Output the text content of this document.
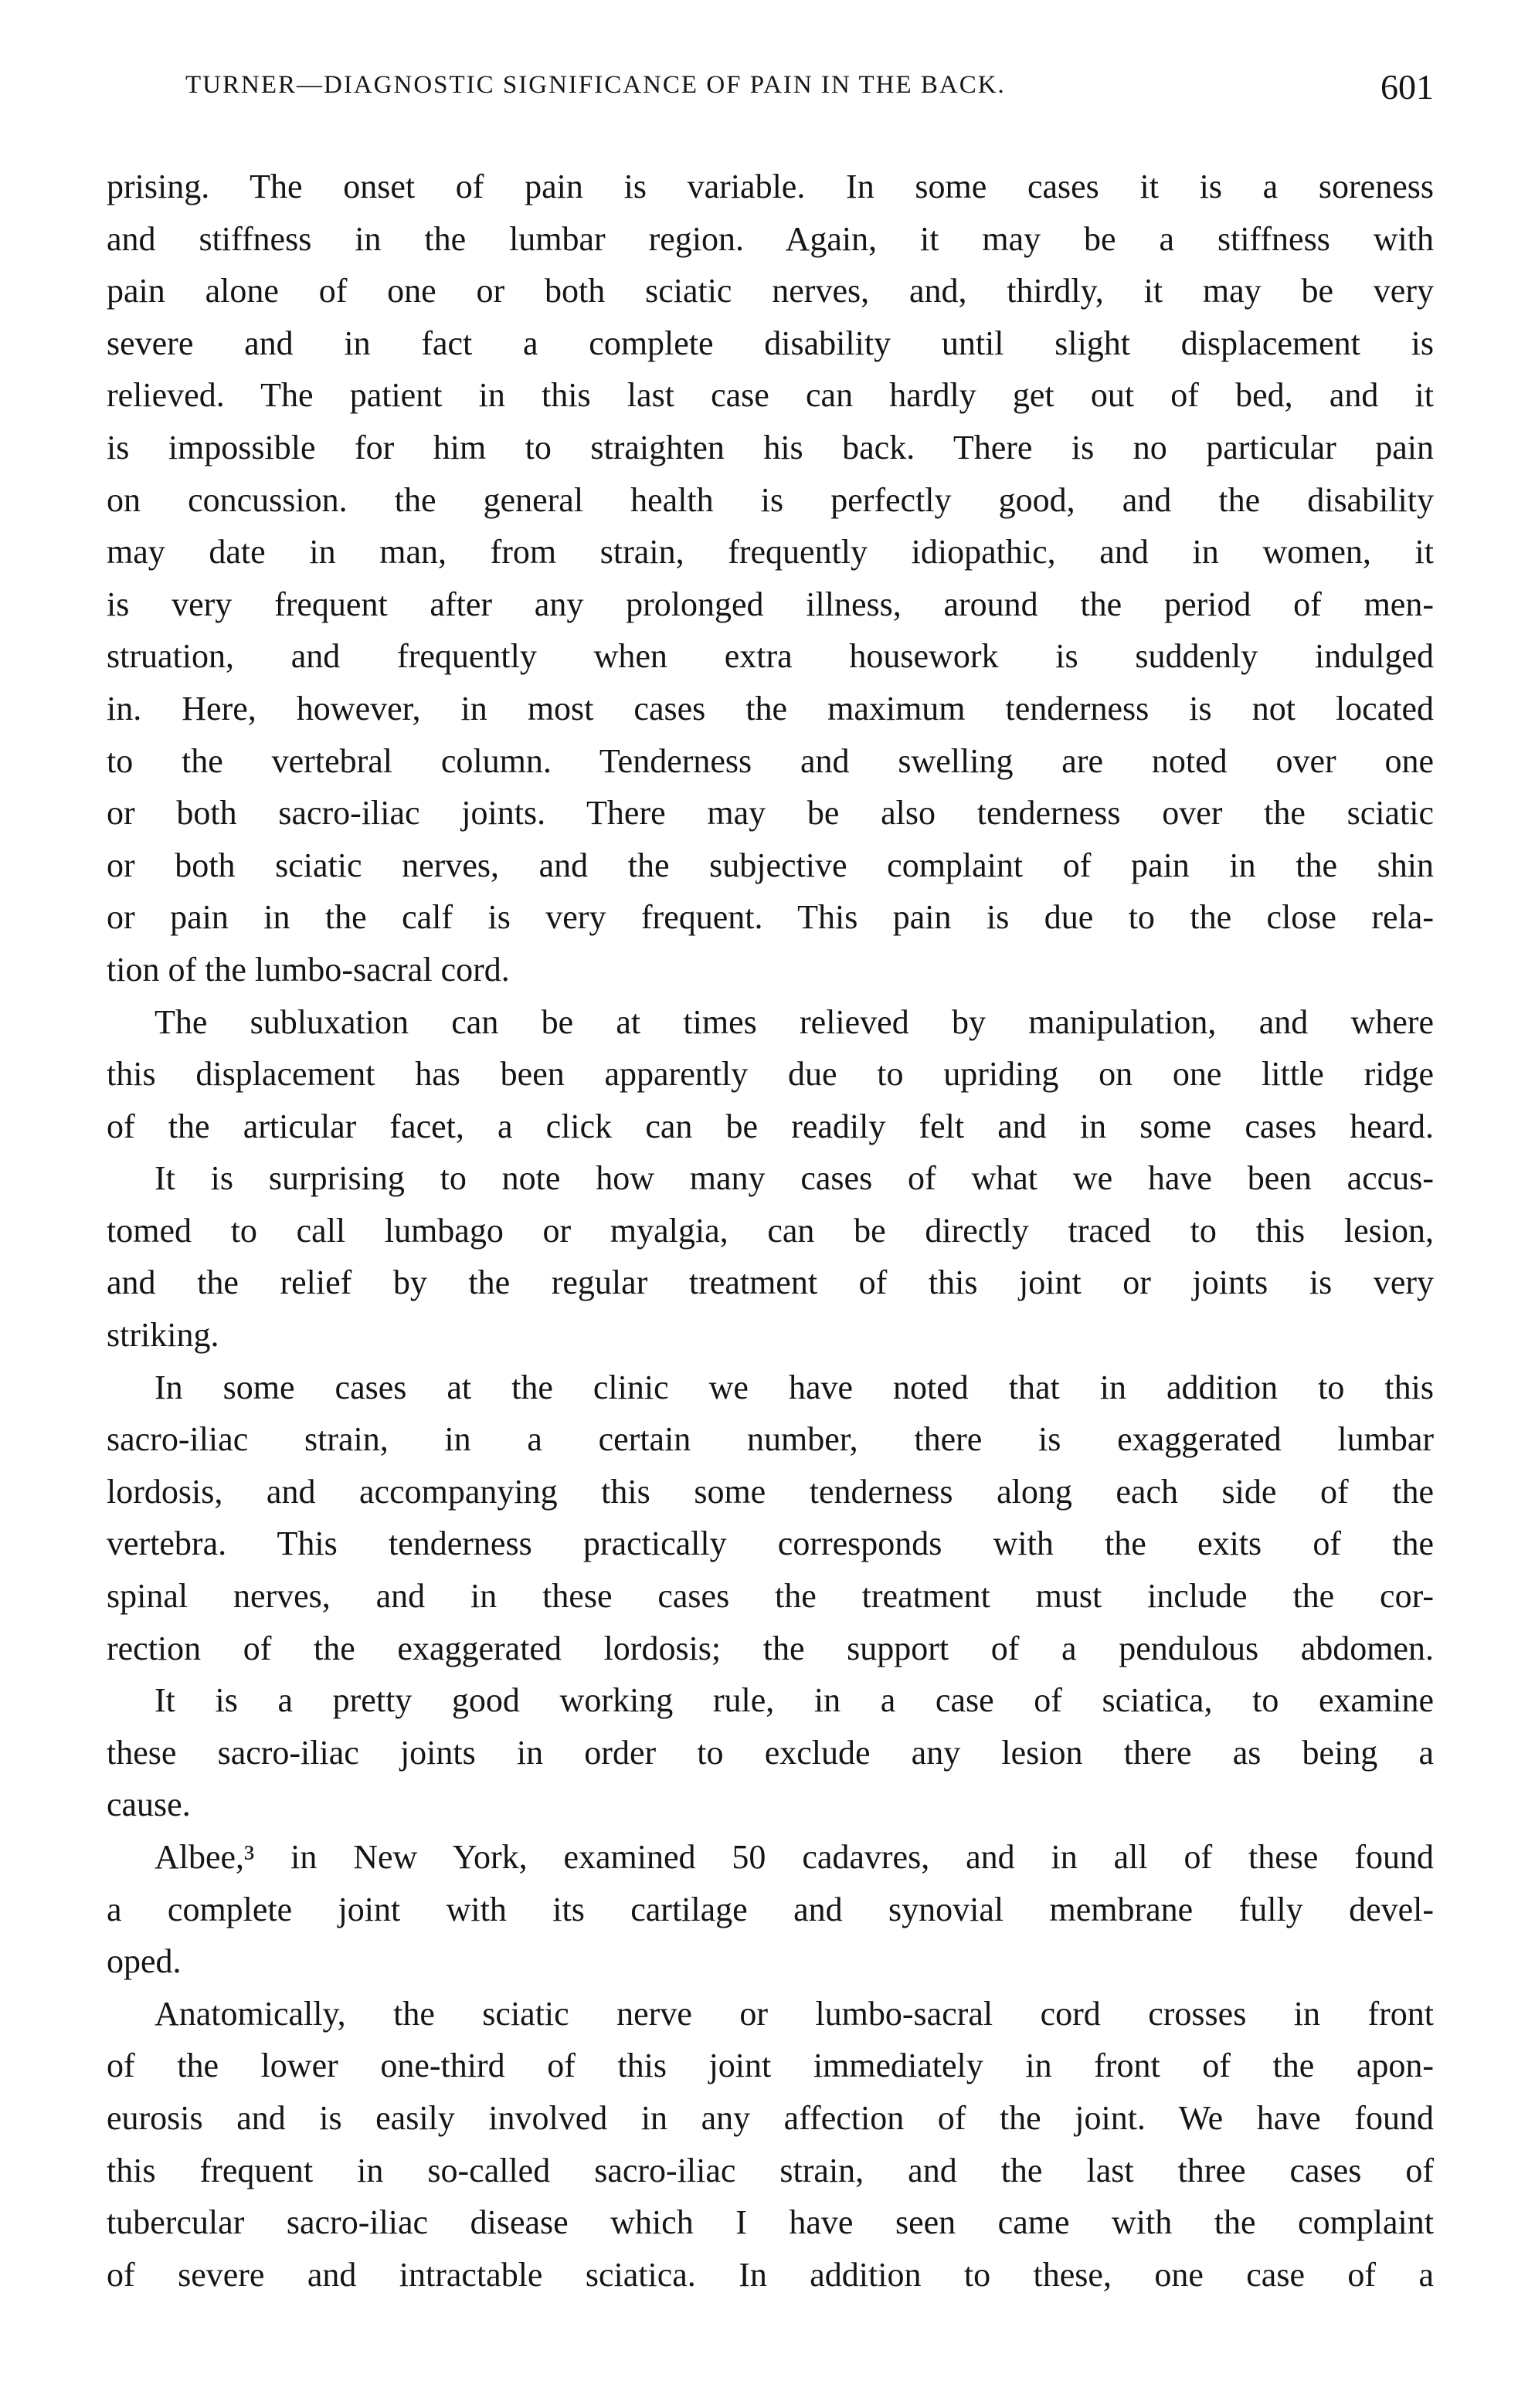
TURNER—DIAGNOSTIC SIGNIFICANCE OF PAIN IN THE BACK.	601
prising. The onset of pain is variable. In some cases it is a soreness
and stiffness in the lumbar region. Again, it may be a stiffness with
pain alone of one or both sciatic nerves, and, thirdly, it may be very
severe and in fact a complete disability until slight displacement is
relieved. The patient in this last case can hardly get out of bed, and it
is impossible for him to straighten his back. There is no particular pain
on concussion. the general health is perfectly good, and the disability
may date in man, from strain, frequently idiopathic, and in women, it
is very frequent after any prolonged illness, around the period of men-
struation, and frequently when extra housework is suddenly indulged
in. Here, however, in most cases the maximum tenderness is not located
to the vertebral column. Tenderness and swelling are noted over one
or both sacro-iliac joints. There may be also tenderness over the sciatic
or both sciatic nerves, and the subjective complaint of pain in the shin
or pain in the calf is very frequent. This pain is due to the close rela-
tion of the lumbo-sacral cord.
The subluxation can be at times relieved by manipulation, and where
this displacement has been apparently due to upriding on one little ridge
of the articular facet, a click can be readily felt and in some cases heard.
It is surprising to note how many cases of what we have been accus-
tomed to call lumbago or myalgia, can be directly traced to this lesion,
and the relief by the regular treatment of this joint or joints is very
striking.
In some cases at the clinic we have noted that in addition to this
sacro-iliac strain, in a certain number, there is exaggerated lumbar
lordosis, and accompanying this some tenderness along each side of the
vertebra. This tenderness practically corresponds with the exits of the
spinal nerves, and in these cases the treatment must include the cor-
rection of the exaggerated lordosis; the support of a pendulous abdomen.
It is a pretty good working rule, in a case of sciatica, to examine
these sacro-iliac joints in order to exclude any lesion there as being a
cause.
Albee,³ in New York, examined 50 cadavres, and in all of these found
a complete joint with its cartilage and synovial membrane fully devel-
oped.
Anatomically, the sciatic nerve or lumbo-sacral cord crosses in front
of the lower one-third of this joint immediately in front of the apon-
eurosis and is easily involved in any affection of the joint. We have found
this frequent in so-called sacro-iliac strain, and the last three cases of
tubercular sacro-iliac disease which I have seen came with the complaint
of severe and intractable sciatica. In addition to these, one case of a
